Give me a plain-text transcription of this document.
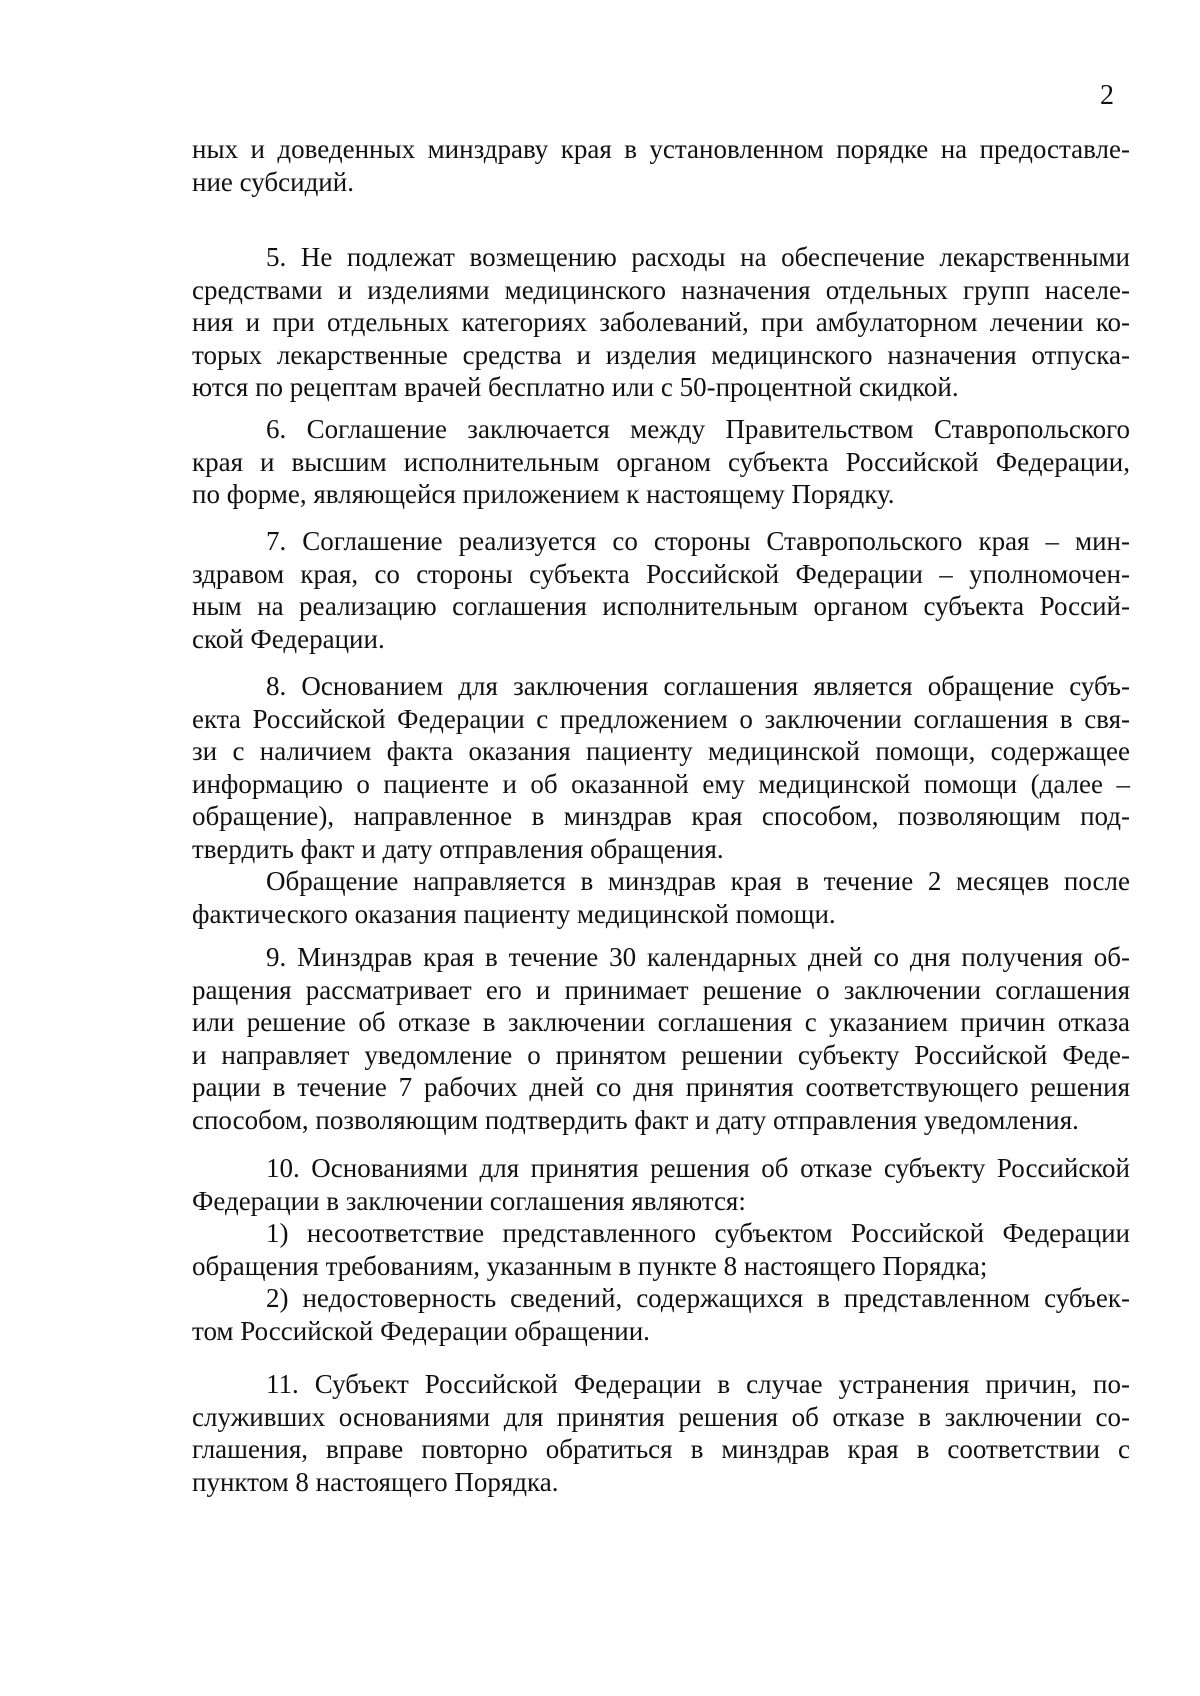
2
ных и доведенных минздраву края в установленном порядке на предоставле-
ние субсидий.
5. Не подлежат возмещению расходы на обеспечение лекарственными
средствами и изделиями медицинского назначения отдельных групп населе-
ния и при отдельных категориях заболеваний, при амбулаторном лечении ко-
торых лекарственные средства и изделия медицинского назначения отпуска-
ются по рецептам врачей бесплатно или с 50-процентной скидкой.
6. Соглашение заключается между Правительством Ставропольского
края и высшим исполнительным органом субъекта Российской Федерации,
по форме, являющейся приложением к настоящему Порядку.
7. Соглашение реализуется со стороны Ставропольского края – мин-
здравом края, со стороны субъекта Российской Федерации – уполномочен-
ным на реализацию соглашения исполнительным органом субъекта Россий-
ской Федерации.
8. Основанием для заключения соглашения является обращение субъ-
екта Российской Федерации с предложением о заключении соглашения в свя-
зи с наличием факта оказания пациенту медицинской помощи, содержащее
информацию о пациенте и об оказанной ему медицинской помощи (далее –
обращение), направленное в минздрав края способом, позволяющим под-
твердить факт и дату отправления обращения.
Обращение направляется в минздрав края в течение 2 месяцев после
фактического оказания пациенту медицинской помощи.
9. Минздрав края в течение 30 календарных дней со дня получения об-
ращения рассматривает его и принимает решение о заключении соглашения
или решение об отказе в заключении соглашения с указанием причин отказа
и направляет уведомление о принятом решении субъекту Российской Феде-
рации в течение 7 рабочих дней со дня принятия соответствующего решения
способом, позволяющим подтвердить факт и дату отправления уведомления.
10. Основаниями для принятия решения об отказе субъекту Российской
Федерации в заключении соглашения являются:
1) несоответствие представленного субъектом Российской Федерации
обращения требованиям, указанным в пункте 8 настоящего Порядка;
2) недостоверность сведений, содержащихся в представленном субъек-
том Российской Федерации обращении.
11. Субъект Российской Федерации в случае устранения причин, по-
служивших основаниями для принятия решения об отказе в заключении со-
глашения, вправе повторно обратиться в минздрав края в соответствии с
пунктом 8 настоящего Порядка.
